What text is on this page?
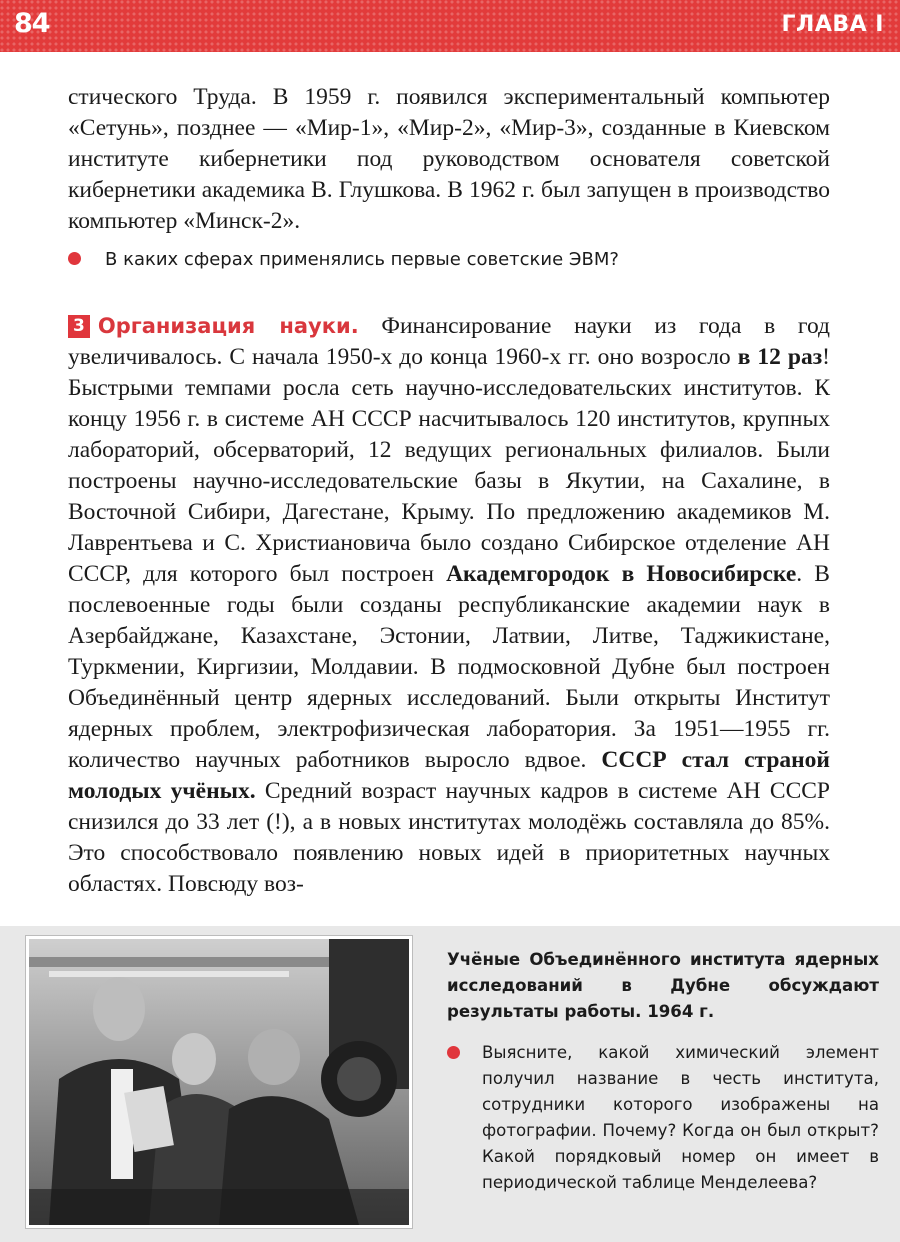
84	ГЛАВА I

стического Труда. В 1959 г. появился экспериментальный компьютер «Сетунь», позднее — «Мир-1», «Мир-2», «Мир-3», созданные в Киевском институте кибернетики под руководством основателя советской кибернетики академика В. Глушкова. В 1962 г. был запущен в производство компьютер «Минск-2».

В каких сферах применялись первые советские ЭВМ?

3 Организация науки. Финансирование науки из года в год увеличивалось. С начала 1950-х до конца 1960-х гг. оно возросло в 12 раз! Быстрыми темпами росла сеть научно-исследовательских институтов. К концу 1956 г. в системе АН СССР насчитывалось 120 институтов, крупных лабораторий, обсерваторий, 12 ведущих региональных филиалов. Были построены научно-исследовательские базы в Якутии, на Сахалине, в Восточной Сибири, Дагестане, Крыму. По предложению академиков М. Лаврентьева и С. Христиановича было создано Сибирское отделение АН СССР, для которого был построен Академгородок в Новосибирске. В послевоенные годы были созданы республиканские академии наук в Азербайджане, Казахстане, Эстонии, Латвии, Литве, Таджикистане, Туркмении, Киргизии, Молдавии. В подмосковной Дубне был построен Объединённый центр ядерных исследований. Были открыты Институт ядерных проблем, электрофизическая лаборатория. За 1951—1955 гг. количество научных работников выросло вдвое. СССР стал страной молодых учёных. Средний возраст научных кадров в системе АН СССР снизился до 33 лет (!), а в новых институтах молодёжь составляла до 85%. Это способствовало появлению новых идей в приоритетных научных областях. Повсюду воз-

Учёные Объединённого института ядерных исследований в Дубне обсуждают результаты работы. 1964 г.
Выясните, какой химический элемент получил название в честь института, сотрудники которого изображены на фотографии. Почему? Когда он был открыт? Какой порядковый номер он имеет в периодической таблице Менделеева?
